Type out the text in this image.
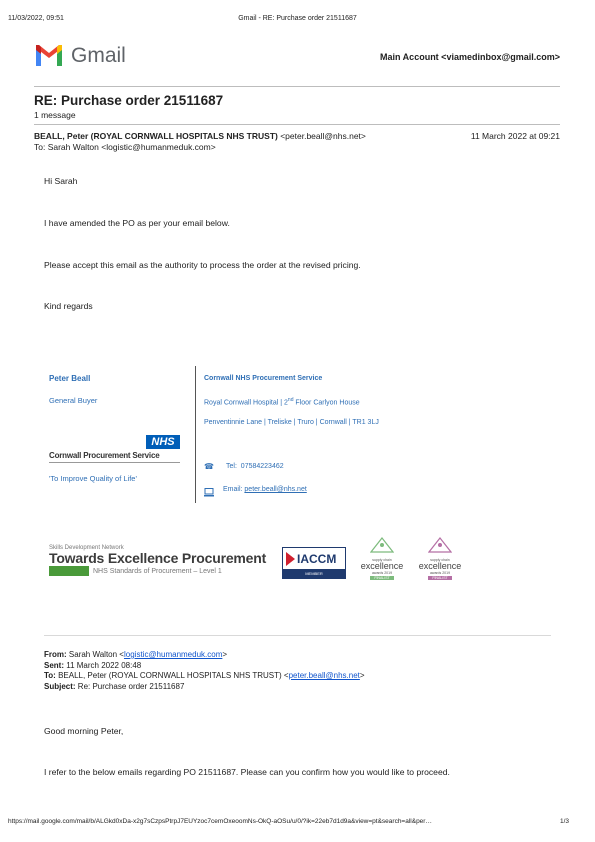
11/03/2022, 09:51	Gmail - RE: Purchase order 21511687
Gmail	Main Account <viamedinbox@gmail.com>
RE: Purchase order 21511687
1 message
BEALL, Peter (ROYAL CORNWALL HOSPITALS NHS TRUST) <peter.beall@nhs.net>	11 March 2022 at 09:21
To: Sarah Walton <logistic@humanmeduk.com>
Hi Sarah
I have amended the PO as per your email below.
Please accept this email as the authority to process the order at the revised pricing.
Kind regards
Peter Beall
General Buyer
NHS
Cornwall Procurement Service
'To Improve Quality of Life'
Cornwall NHS Procurement Service
Royal Cornwall Hospital | 2nd Floor Carlyon House
Penventinnie Lane | Treliske | Truro | Cornwall | TR1 3LJ
☎ Tel: 07584223462
Email: peter.beall@nhs.net
Skills Development Network
Towards Excellence Procurement
NHS Standards of Procurement – Level 1
IACCM
MEMBER
supply chain
excellence
awards 2019
FINALIST
supply chain
excellence
awards 2019
FINALIST
From: Sarah Walton <logistic@humanmeduk.com>
Sent: 11 March 2022 08:48
To: BEALL, Peter (ROYAL CORNWALL HOSPITALS NHS TRUST) <peter.beall@nhs.net>
Subject: Re: Purchase order 21511687
Good morning Peter,
I refer to the below emails regarding PO 21511687. Please can you confirm how you would like to proceed.
https://mail.google.com/mail/b/ALGkd0xDa-x2g7sCzpsPtrpJ7EUYzoc7cemOxeoomNs-OkQ-aOSu/u/0/?ik=22eb7d1d9a&view=pt&search=all&per…	1/3
